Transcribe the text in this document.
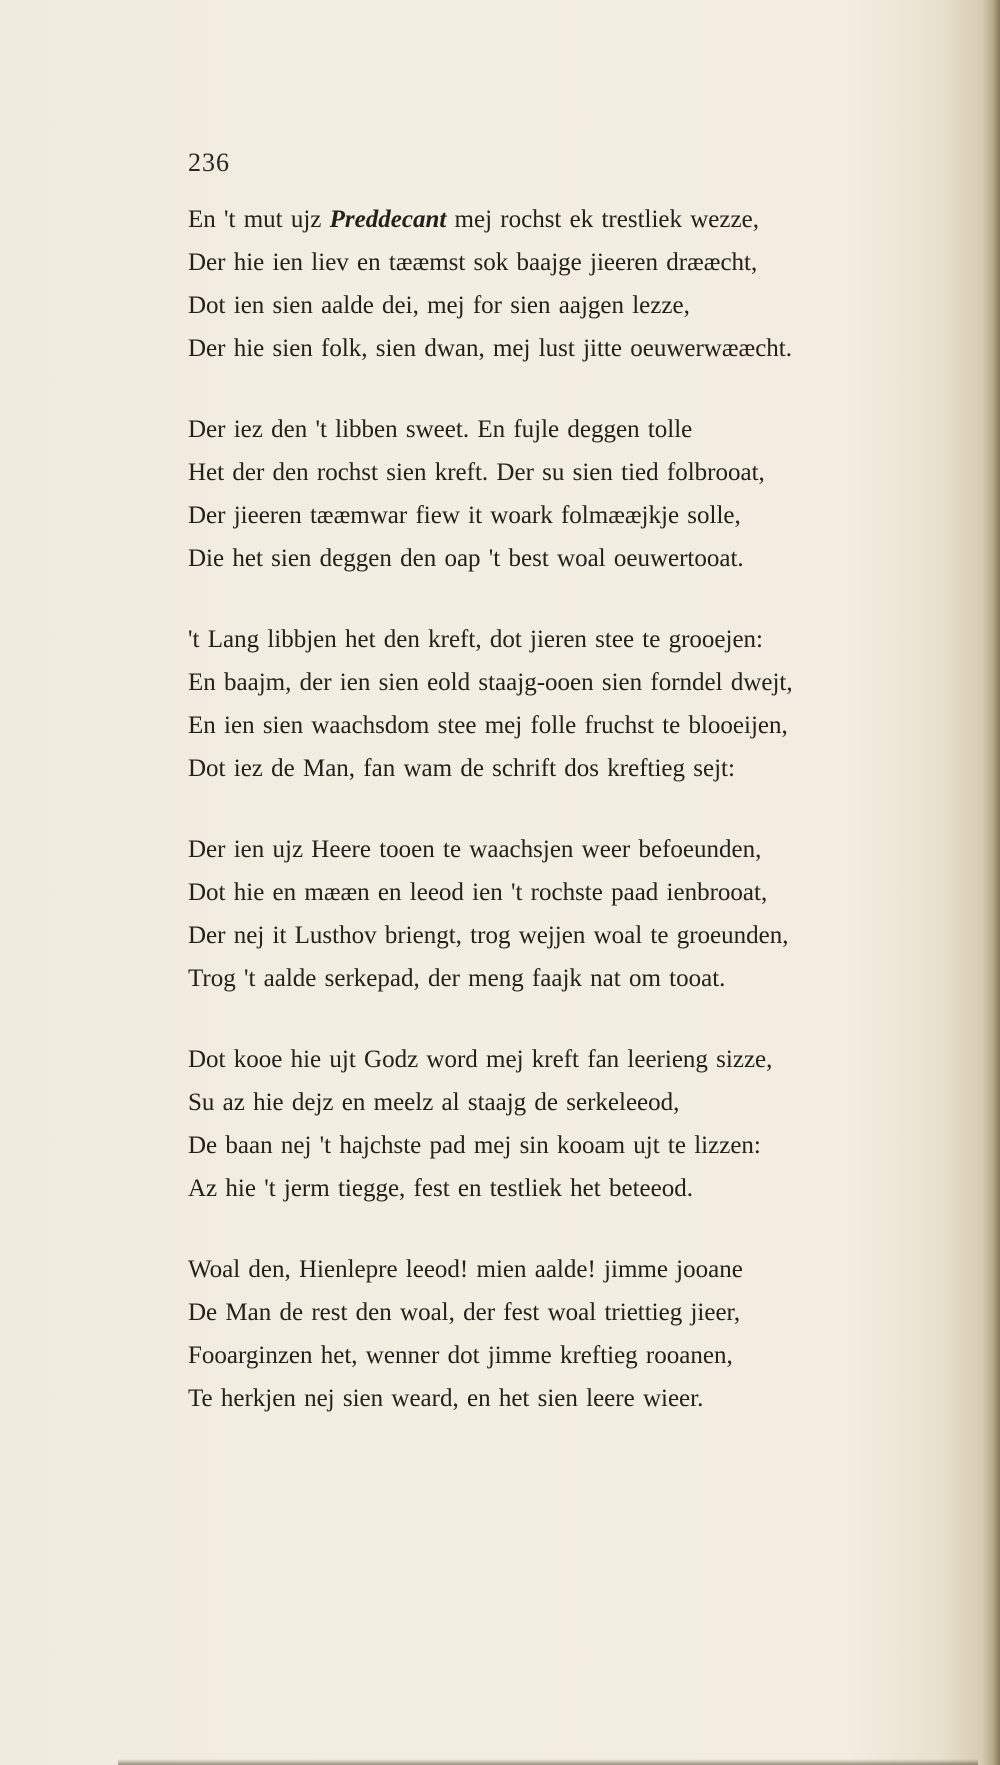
236
En 't mut ujz Preddecant mej rochst ek trestliek wezze,
Der hie ien liev en tææmst sok baajge jieeren drææcht,
Dot ien sien aalde dei, mej for sien aajgen lezze,
Der hie sien folk, sien dwan, mej lust jitte oeuwerwææcht.
Der iez den 't libben sweet. En fujle deggen tolle
Het der den rochst sien kreft. Der su sien tied folbrooat,
Der jieeren tææmwar fiew it woark folmææjkje solle,
Die het sien deggen den oap 't best woal oeuwertooat.
't Lang libbjen het den kreft, dot jieren stee te grooejen:
En baajm, der ien sien eold staajg-ooen sien forndel dwejt,
En ien sien waachsdom stee mej folle fruchst te blooeijen,
Dot iez de Man, fan wam de schrift dos kreftieg sejt:
Der ien ujz Heere tooen te waachsjen weer befoeunden,
Dot hie en mææn en leeod ien 't rochste paad ienbrooat,
Der nej it Lusthov briengt, trog wejjen woal te groeunden,
Trog 't aalde serkepad, der meng faajk nat om tooat.
Dot kooe hie ujt Godz word mej kreft fan leerieng sizze,
Su az hie dejz en meelz al staajg de serkeleeod,
De baan nej 't hajchste pad mej sin kooam ujt te lizzen:
Az hie 't jerm tiegge, fest en testliek het beteeod.
Woal den, Hienlepre leeod! mien aalde! jimme jooane
De Man de rest den woal, der fest woal triettieg jieer,
Fooarginzen het, wenner dot jimme kreftieg rooanen,
Te herkjen nej sien weard, en het sien leere wieer.
